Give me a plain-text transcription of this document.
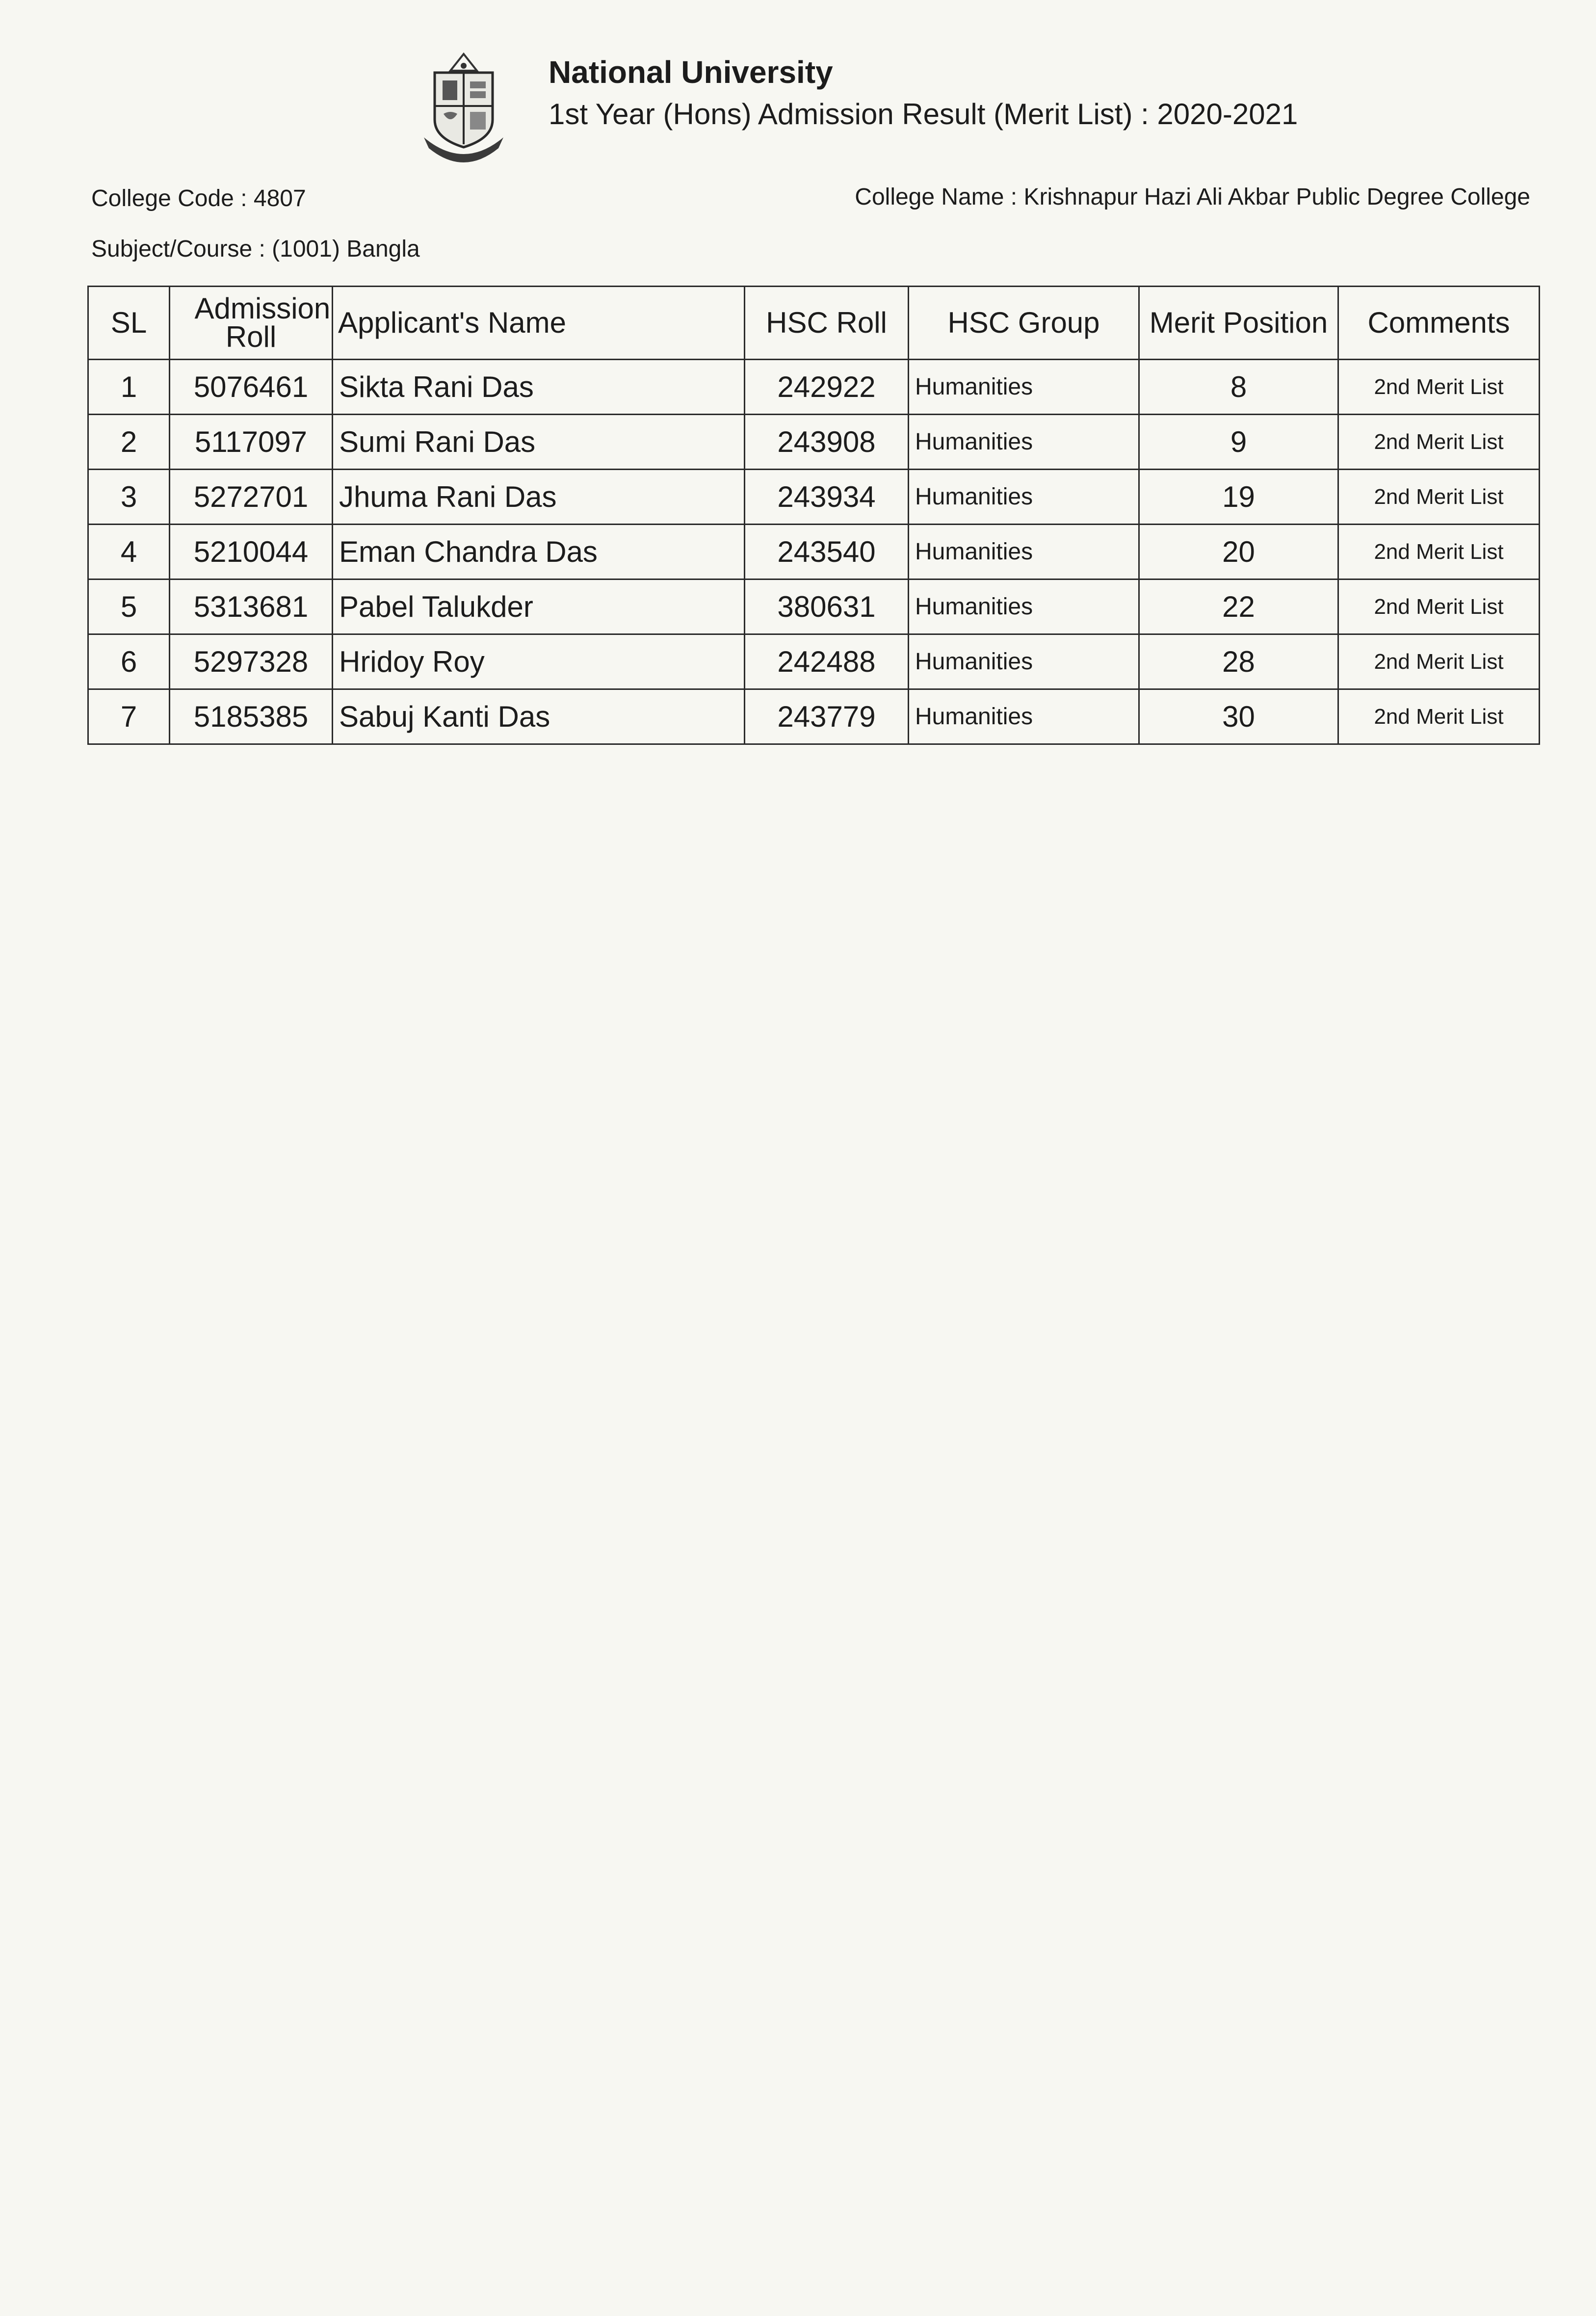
National University
1st Year (Hons) Admission Result (Merit List) : 2020-2021
College Code : 4807	College Name : Krishnapur Hazi Ali Akbar Public Degree College
Subject/Course : (1001) Bangla
SL	Admission Roll	Applicant's Name	HSC Roll	HSC Group	Merit Position	Comments
1	5076461	Sikta Rani Das	242922	Humanities	8	2nd Merit List
2	5117097	Sumi Rani Das	243908	Humanities	9	2nd Merit List
3	5272701	Jhuma Rani Das	243934	Humanities	19	2nd Merit List
4	5210044	Eman Chandra Das	243540	Humanities	20	2nd Merit List
5	5313681	Pabel Talukder	380631	Humanities	22	2nd Merit List
6	5297328	Hridoy Roy	242488	Humanities	28	2nd Merit List
7	5185385	Sabuj Kanti Das	243779	Humanities	30	2nd Merit List
